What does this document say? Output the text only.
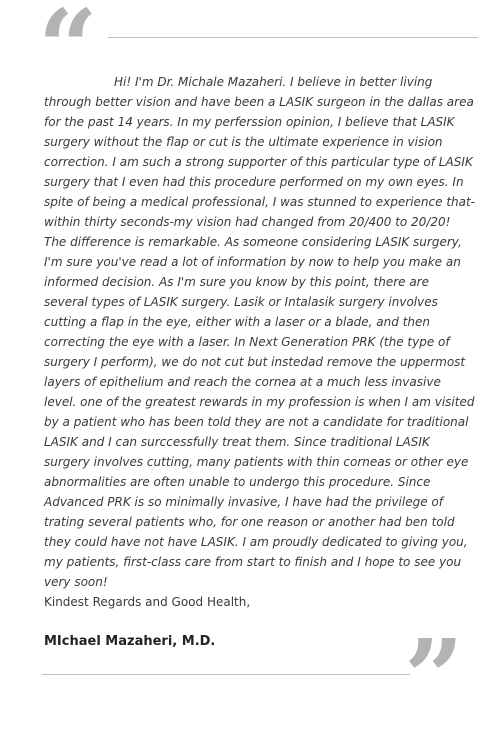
“	Hi! I'm Dr. Michale Mazaheri. I believe in better living through better vision and have been a LASIK surgeon in the dallas area for the past 14 years. In my perferssion opinion, I believe that LASIK surgery without the flap or cut is the ultimate experience in vision correction. I am such a strong supporter of this particular type of LASIK surgery that I even had this procedure performed on my own eyes. In spite of being a medical professional, I was stunned to experience that-within thirty seconds-my vision had changed from 20/400 to 20/20! The difference is remarkable. As someone considering LASIK surgery, I'm sure you've read a lot of information by now to help you make an informed decision. As I'm sure you know by this point, there are several types of LASIK surgery. Lasik or Intalasik surgery involves cutting a flap in the eye, either with a laser or a blade, and then correcting the eye with a laser. In Next Generation PRK (the type of surgery I perform), we do not cut but instedad remove the uppermost layers of epithelium and reach the cornea at a much less invasive level. one of the greatest rewards in my profession is when I am visited by a patient who has been told they are not a candidate for traditional LASIK and I can surccessfully treat them. Since traditional LASIK surgery involves cutting, many patients with thin corneas or other eye abnormalities are often unable to undergo this procedure. Since Advanced PRK is so minimally invasive, I have had the privilege of trating several patients who, for one reason or another had ben told they could have not have LASIK. I am proudly dedicated to giving you, my patients, first-class care from start to finish and I hope to see you very soon!

Kindest Regards and Good Health,

MIchael Mazaheri, M.D. ”
